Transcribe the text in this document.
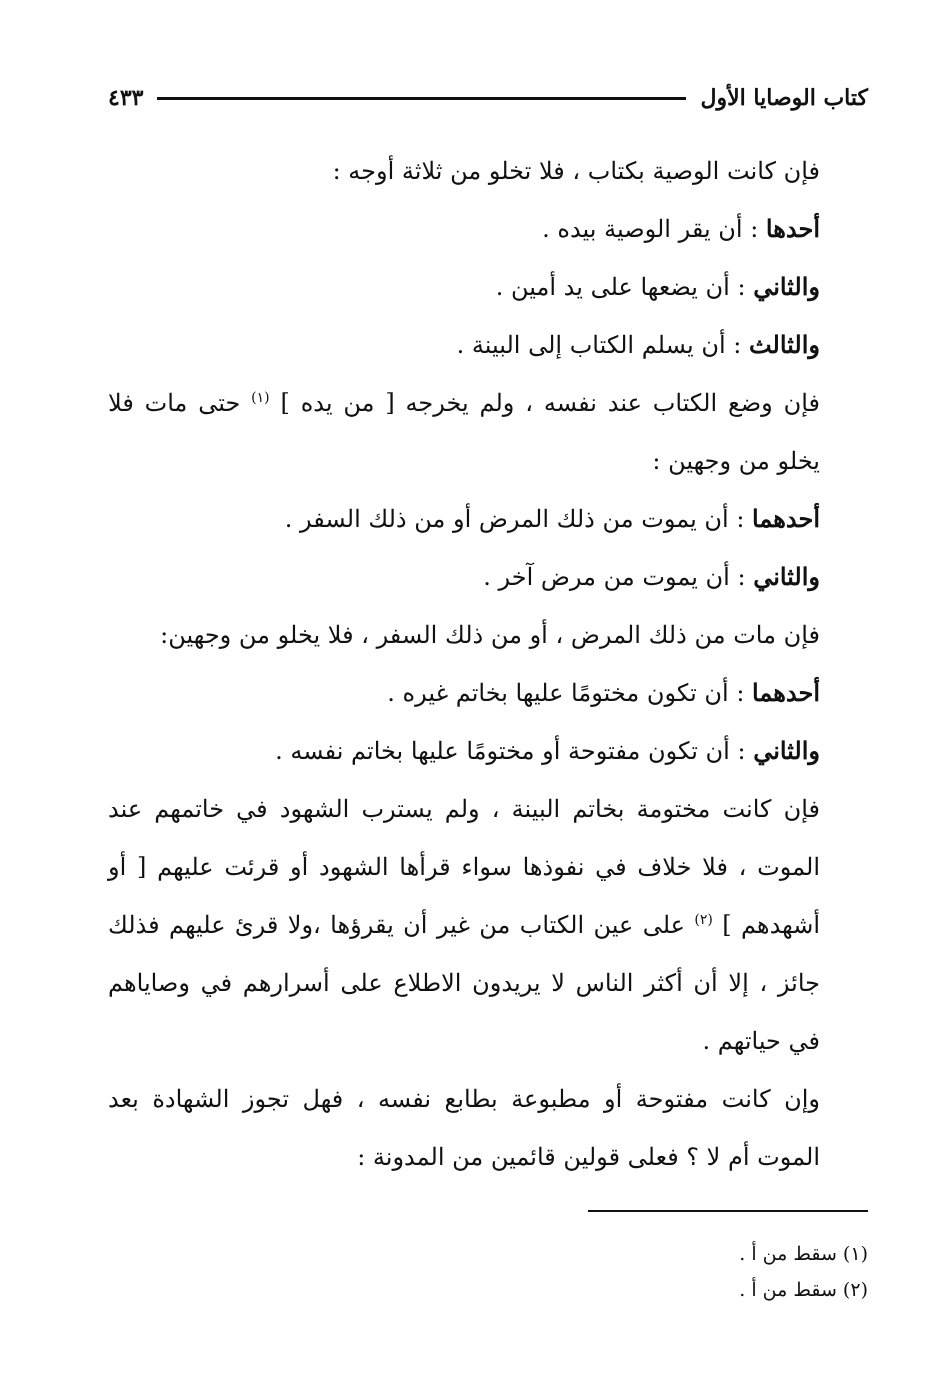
كتاب الوصايا الأول
٤٣٣

فإن كانت الوصية بكتاب ، فلا تخلو من ثلاثة أوجه :

أحدها : أن يقر الوصية بيده .

والثاني : أن يضعها على يد أمين .

والثالث : أن يسلم الكتاب إلى البينة .

فإن وضع الكتاب عند نفسه ، ولم يخرجه [ من يده ] $^{(١)}$ حتى مات فلا يخلو من وجهين :

أحدهما : أن يموت من ذلك المرض أو من ذلك السفر .

والثاني : أن يموت من مرض آخر .

فإن مات من ذلك المرض ، أو من ذلك السفر ، فلا يخلو من وجهين:

أحدهما : أن تكون مختومًا عليها بخاتم غيره .

والثاني : أن تكون مفتوحة أو مختومًا عليها بخاتم نفسه .

فإن كانت مختومة بخاتم البينة ، ولم يسترب الشهود في خاتمهم عند الموت ، فلا خلاف في نفوذها سواء قرأها الشهود أو قرئت عليهم [ أو أشهدهم ] $^{(٢)}$ على عين الكتاب من غير أن يقرؤها ،ولا قرئ عليهم فذلك جائز ، إلا أن أكثر الناس لا يريدون الاطلاع على أسرارهم في وصاياهم في حياتهم .

وإن كانت مفتوحة أو مطبوعة بطابع نفسه ، فهل تجوز الشهادة بعد الموت أم لا ؟ فعلى قولين قائمين من المدونة :

(١) سقط من أ .

(٢) سقط من أ .
